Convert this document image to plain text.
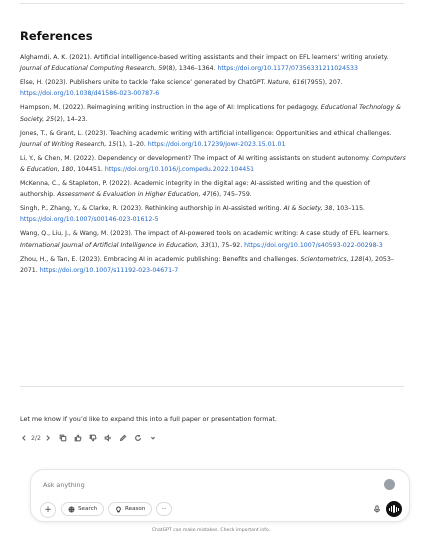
References
Alghamdi, A. K. (2021). Artificial intelligence-based writing assistants and their impact on EFL learners’ writing anxiety. Journal of Educational Computing Research, 59(8), 1346–1364. https://doi.org/10.1177/07356331211024533
Else, H. (2023). Publishers unite to tackle ‘fake science’ generated by ChatGPT. Nature, 616(7955), 207. https://doi.org/10.1038/d41586-023-00787-6
Hampson, M. (2022). Reimagining writing instruction in the age of AI: Implications for pedagogy. Educational Technology & Society, 25(2), 14–23.
Jones, T., & Grant, L. (2023). Teaching academic writing with artificial intelligence: Opportunities and ethical challenges. Journal of Writing Research, 15(1), 1–20. https://doi.org/10.17239/jowr-2023.15.01.01
Li, Y., & Chen, M. (2022). Dependency or development? The impact of AI writing assistants on student autonomy. Computers & Education, 180, 104451. https://doi.org/10.1016/j.compedu.2022.104451
McKenna, C., & Stapleton, P. (2022). Academic integrity in the digital age: AI-assisted writing and the question of authorship. Assessment & Evaluation in Higher Education, 47(6), 745–759.
Singh, P., Zhang, Y., & Clarke, R. (2023). Rethinking authorship in AI-assisted writing. AI & Society, 38, 103–115. https://doi.org/10.1007/s00146-023-01612-5
Wang, Q., Liu, J., & Wang, M. (2023). The impact of AI-powered tools on academic writing: A case study of EFL learners. International Journal of Artificial Intelligence in Education, 33(1), 75–92. https://doi.org/10.1007/s40593-022-00298-3
Zhou, H., & Tan, E. (2023). Embracing AI in academic publishing: Benefits and challenges. Scientometrics, 128(4), 2053–2071. https://doi.org/10.1007/s11192-023-04671-7
Let me know if you’d like to expand this into a full paper or presentation format.
2/2
Ask anything
+	Search	Reason	···
ChatGPT can make mistakes. Check important info.
